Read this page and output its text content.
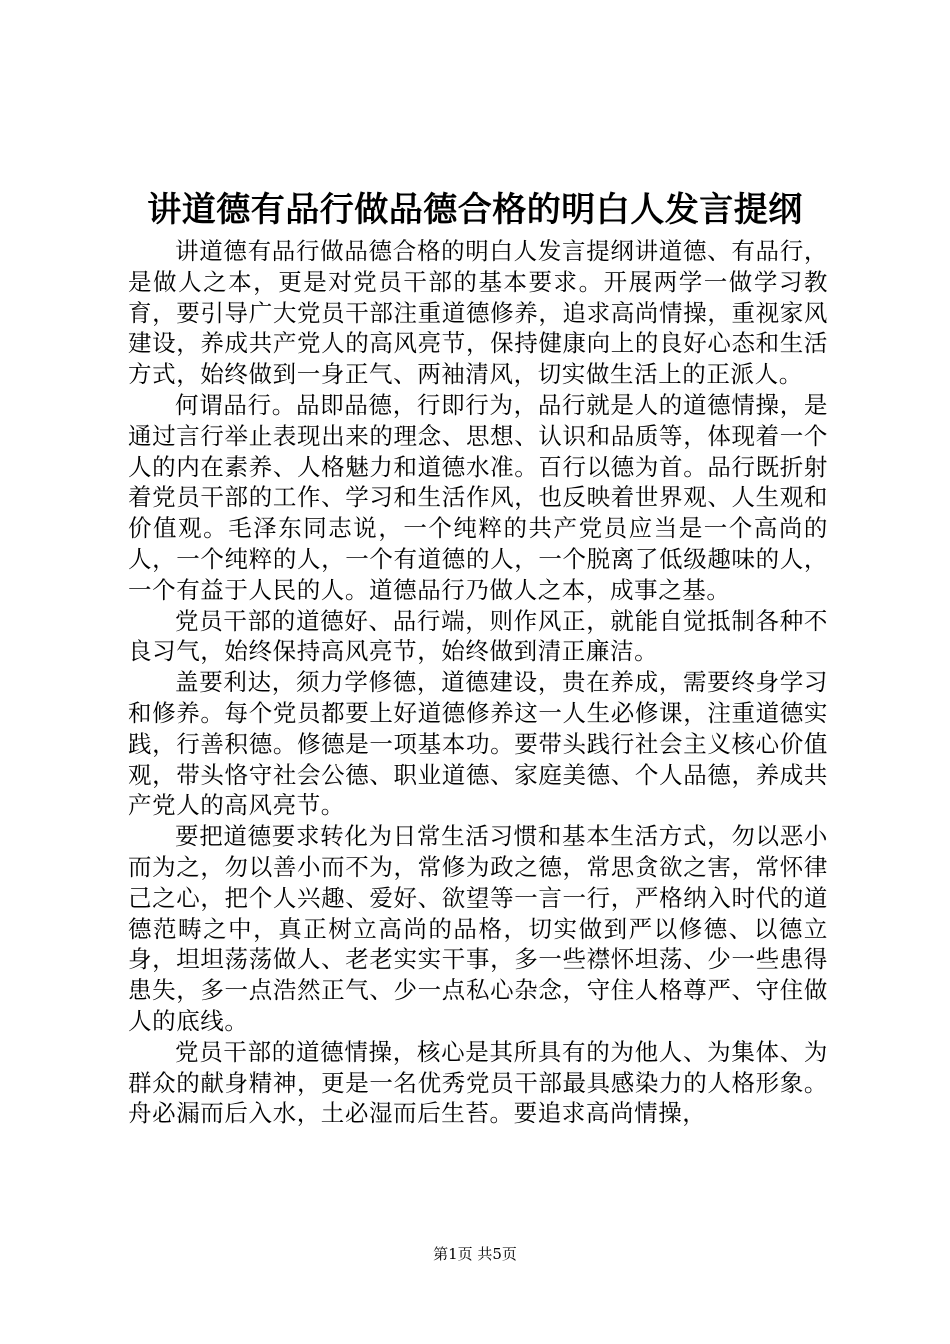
讲道德有品行做品德合格的明白人发言提纲

讲道德有品行做品德合格的明白人发言提纲讲道德、有品行，是做人之本，更是对党员干部的基本要求。开展两学一做学习教育，要引导广大党员干部注重道德修养，追求高尚情操，重视家风建设，养成共产党人的高风亮节，保持健康向上的良好心态和生活方式，始终做到一身正气、两袖清风，切实做生活上的正派人。

何谓品行。品即品德，行即行为，品行就是人的道德情操，是通过言行举止表现出来的理念、思想、认识和品质等，体现着一个人的内在素养、人格魅力和道德水准。百行以德为首。品行既折射着党员干部的工作、学习和生活作风，也反映着世界观、人生观和价值观。毛泽东同志说，一个纯粹的共产党员应当是一个高尚的人，一个纯粹的人，一个有道德的人，一个脱离了低级趣味的人，一个有益于人民的人。道德品行乃做人之本，成事之基。

党员干部的道德好、品行端，则作风正，就能自觉抵制各种不良习气，始终保持高风亮节，始终做到清正廉洁。

盖要利达，须力学修德，道德建设，贵在养成，需要终身学习和修养。每个党员都要上好道德修养这一人生必修课，注重道德实践，行善积德。修德是一项基本功。要带头践行社会主义核心价值观，带头恪守社会公德、职业道德、家庭美德、个人品德，养成共产党人的高风亮节。

要把道德要求转化为日常生活习惯和基本生活方式，勿以恶小而为之，勿以善小而不为，常修为政之德，常思贪欲之害，常怀律己之心，把个人兴趣、爱好、欲望等一言一行，严格纳入时代的道德范畴之中，真正树立高尚的品格，切实做到严以修德、以德立身，坦坦荡荡做人、老老实实干事，多一些襟怀坦荡、少一些患得患失，多一点浩然正气、少一点私心杂念，守住人格尊严、守住做人的底线。

党员干部的道德情操，核心是其所具有的为他人、为集体、为群众的献身精神，更是一名优秀党员干部最具感染力的人格形象。舟必漏而后入水，土必湿而后生苔。要追求高尚情操，

第1页 共5页
